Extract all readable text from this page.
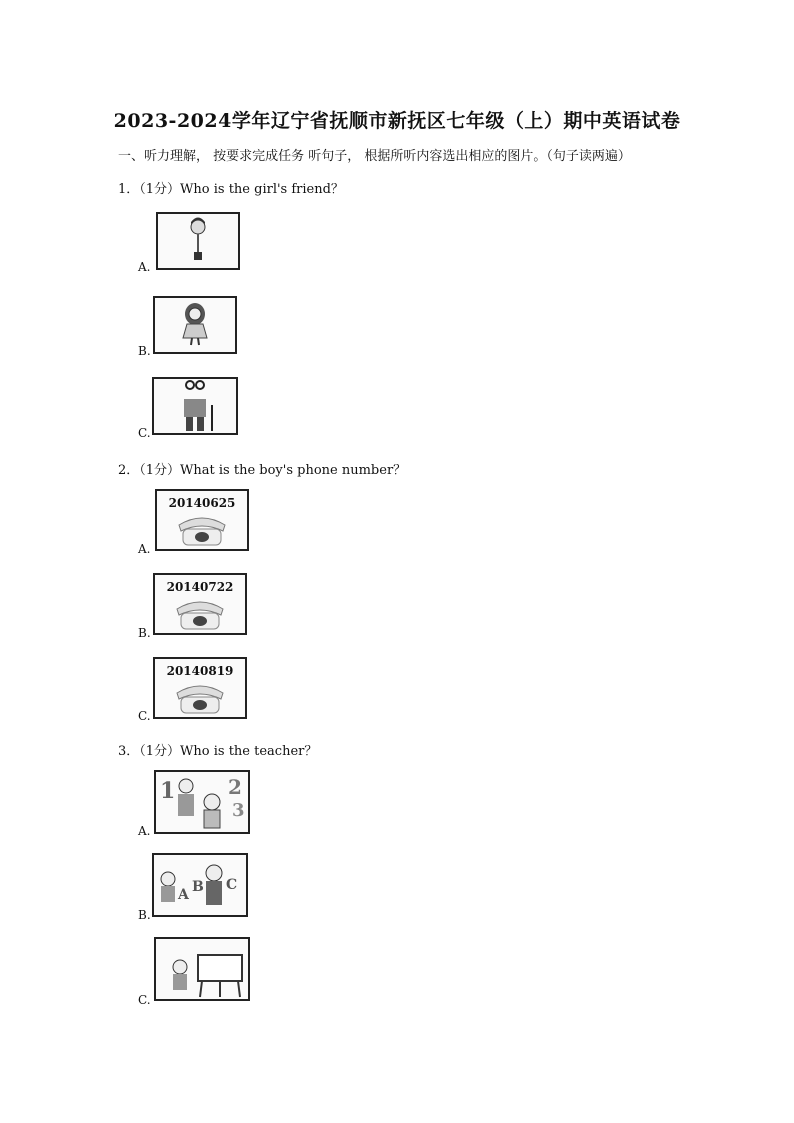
2023-2024学年辽宁省抚顺市新抚区七年级（上）期中英语试卷
一、听力理解， 按要求完成任务 听句子， 根据所听内容选出相应的图片。（句子读两遍）
1．（1分）Who is the girl's friend？
A.
B.
C.
2．（1分）What is the boy's phone number？
A.
20140625
B.
20140722
C.
20140819
3．（1分）Who is the teacher？
A.
1	2
3
B.
A B C
C.
